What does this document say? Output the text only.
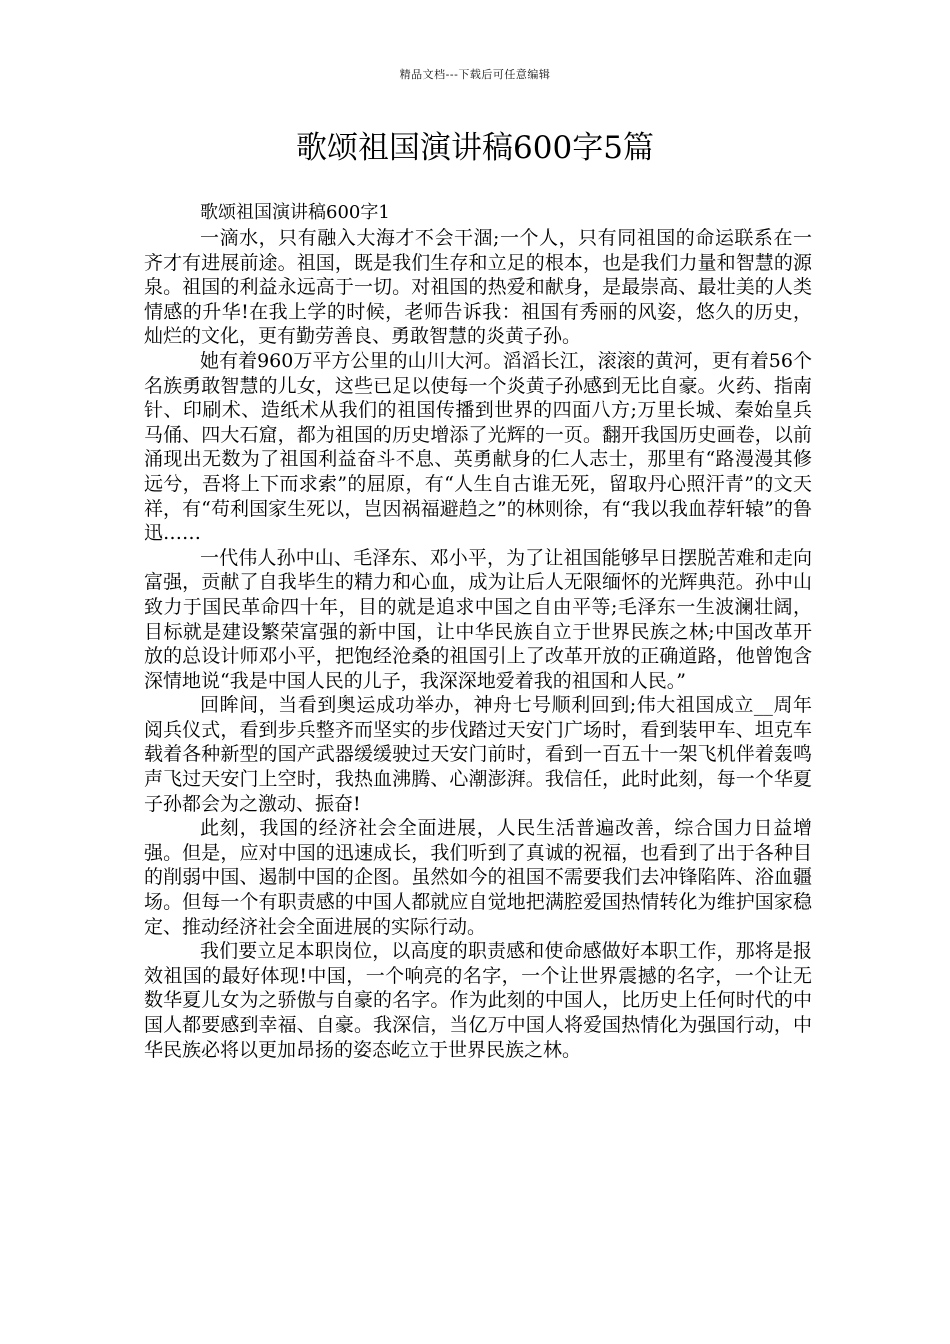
精品文档---下载后可任意编辑
歌颂祖国演讲稿600字5篇

歌颂祖国演讲稿600字1

一滴水，只有融入大海才不会干涸;一个人，只有同祖国的命运联系在一齐才有进展前途。祖国，既是我们生存和立足的根本，也是我们力量和智慧的源泉。祖国的利益永远高于一切。对祖国的热爱和献身，是最崇高、最壮美的人类情感的升华!在我上学的时候，老师告诉我：祖国有秀丽的风姿，悠久的历史，灿烂的文化，更有勤劳善良、勇敢智慧的炎黄子孙。

她有着960万平方公里的山川大河。滔滔长江，滚滚的黄河，更有着56个名族勇敢智慧的儿女，这些已足以使每一个炎黄子孙感到无比自豪。火药、指南针、印刷术、造纸术从我们的祖国传播到世界的四面八方;万里长城、秦始皇兵马俑、四大石窟，都为祖国的历史增添了光辉的一页。翻开我国历史画卷，以前涌现出无数为了祖国利益奋斗不息、英勇献身的仁人志士，那里有“路漫漫其修远兮，吾将上下而求索”的屈原，有“人生自古谁无死，留取丹心照汗青”的文天祥，有“苟利国家生死以，岂因祸福避趋之”的林则徐，有“我以我血荐轩辕”的鲁迅……

一代伟人孙中山、毛泽东、邓小平，为了让祖国能够早日摆脱苦难和走向富强，贡献了自我毕生的精力和心血，成为让后人无限缅怀的光辉典范。孙中山致力于国民革命四十年，目的就是追求中国之自由平等;毛泽东一生波澜壮阔，目标就是建设繁荣富强的新中国，让中华民族自立于世界民族之林;中国改革开放的总设计师邓小平，把饱经沧桑的祖国引上了改革开放的正确道路，他曾饱含深情地说“我是中国人民的儿子，我深深地爱着我的祖国和人民。”

回眸间，当看到奥运成功举办，神舟七号顺利回到;伟大祖国成立__周年阅兵仪式，看到步兵整齐而坚实的步伐踏过天安门广场时，看到装甲车、坦克车载着各种新型的国产武器缓缓驶过天安门前时，看到一百五十一架飞机伴着轰鸣声飞过天安门上空时，我热血沸腾、心潮澎湃。我信任，此时此刻，每一个华夏子孙都会为之激动、振奋!

此刻，我国的经济社会全面进展，人民生活普遍改善，综合国力日益增强。但是，应对中国的迅速成长，我们听到了真诚的祝福，也看到了出于各种目的削弱中国、遏制中国的企图。虽然如今的祖国不需要我们去冲锋陷阵、浴血疆场。但每一个有职责感的中国人都就应自觉地把满腔爱国热情转化为维护国家稳定、推动经济社会全面进展的实际行动。

我们要立足本职岗位，以高度的职责感和使命感做好本职工作，那将是报效祖国的最好体现!中国，一个响亮的名字，一个让世界震撼的名字，一个让无数华夏儿女为之骄傲与自豪的名字。作为此刻的中国人，比历史上任何时代的中国人都要感到幸福、自豪。我深信，当亿万中国人将爱国热情化为强国行动，中华民族必将以更加昂扬的姿态屹立于世界民族之林。
